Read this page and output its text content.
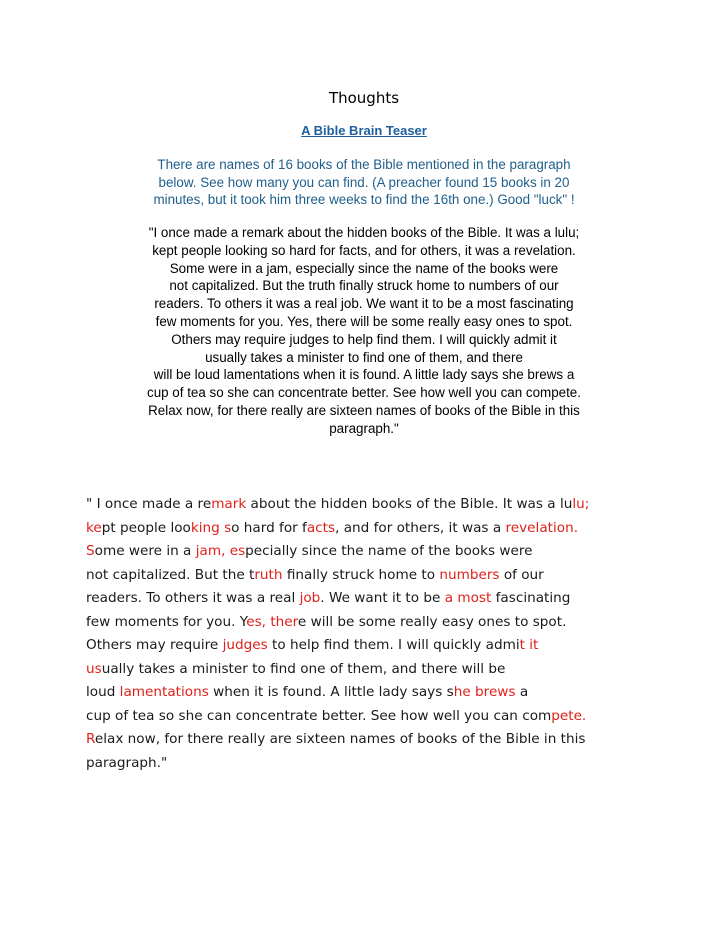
Thoughts
A Bible Brain Teaser
There are names of 16 books of the Bible mentioned in the paragraph
below. See how many you can find. (A preacher found 15 books in 20
minutes, but it took him three weeks to find the 16th one.) Good "luck" !
"I once made a remark about the hidden books of the Bible. It was a lulu;
kept people looking so hard for facts, and for others, it was a revelation.
Some were in a jam, especially since the name of the books were
not capitalized. But the truth finally struck home to numbers of our
readers. To others it was a real job. We want it to be a most fascinating
few moments for you. Yes, there will be some really easy ones to spot.
Others may require judges to help find them. I will quickly admit it
usually takes a minister to find one of them, and there
will be loud lamentations when it is found. A little lady says she brews a
cup of tea so she can concentrate better. See how well you can compete.
Relax now, for there really are sixteen names of books of the Bible in this
paragraph."
" I once made a remark about the hidden books of the Bible. It was a lulu;
kept people looking so hard for facts, and for others, it was a revelation.
Some were in a jam, especially since the name of the books were
not capitalized. But the truth finally struck home to numbers of our
readers. To others it was a real job. We want it to be a most fascinating
few moments for you. Yes, there will be some really easy ones to spot.
Others may require judges to help find them. I will quickly admit it
usually takes a minister to find one of them, and there will be
loud lamentations when it is found. A little lady says she brews a
cup of tea so she can concentrate better. See how well you can compete.
Relax now, for there really are sixteen names of books of the Bible in this
paragraph."
